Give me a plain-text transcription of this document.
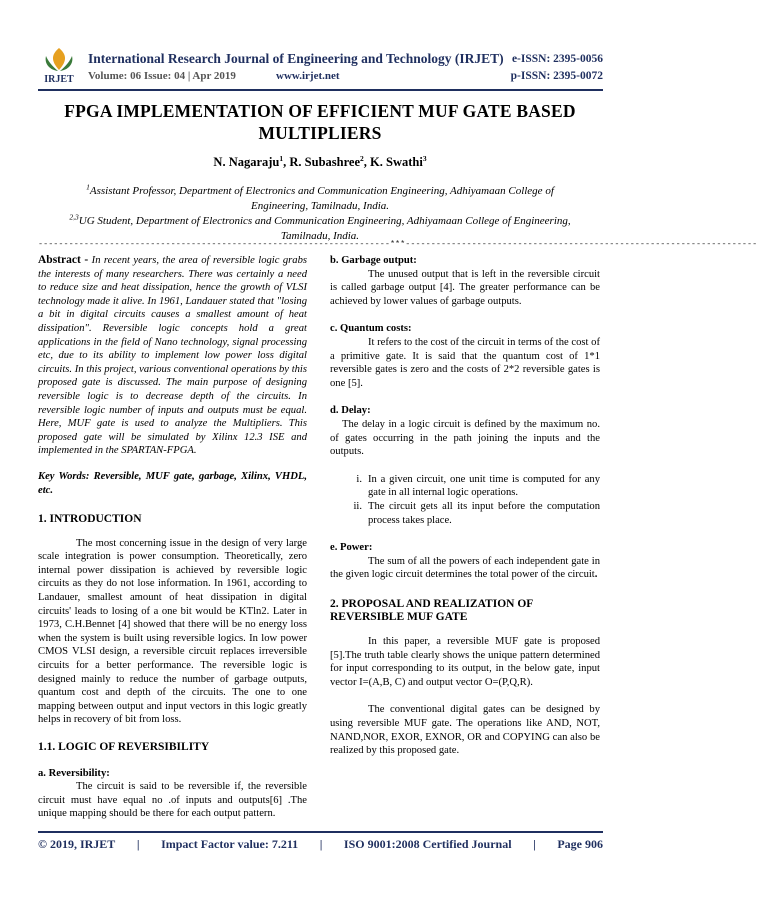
IRJET
International Research Journal of Engineering and Technology (IRJET) e-ISSN: 2395-0056
Volume: 06 Issue: 04 | Apr 2019	www.irjet.net	p-ISSN: 2395-0072
FPGA IMPLEMENTATION OF EFFICIENT MUF GATE BASED
MULTIPLIERS
N. Nagaraju$^1$, R. Subashree$^2$, K. Swathi$^3$
$^1$Assistant Professor, Department of Electronics and Communication Engineering, Adhiyamaan College of
Engineering, Tamilnadu, India.
$^{2,3}$UG Student, Department of Electronics and Communication Engineering, Adhiyamaan College of Engineering,
Tamilnadu, India.
---------------------------------------------------------------------***---------------------------------------------------------------------

Abstract - In recent years, the area of reversible logic grabs the interests of many researchers. There was certainly a need to reduce size and heat dissipation, hence the growth of VLSI technology made it alive. In 1961, Landauer stated that "losing a bit in digital circuits causes a smallest amount of heat dissipation". Reversible logic concepts hold a great applications in the field of Nano technology, signal processing etc, due to its ability to implement low power loss digital circuits. In this project, various conventional operations by this proposed gate is discussed. The main purpose of designing reversible logic is to decrease depth of the circuits. In reversible logic number of inputs and outputs must be equal. Here, MUF gate is used to analyze the Multipliers. This proposed gate will be simulated by Xilinx 12.3 ISE and implemented in the SPARTAN-FPGA.

Key Words: Reversible, MUF gate, garbage, Xilinx, VHDL, etc.

1. INTRODUCTION

The most concerning issue in the design of very large scale integration is power consumption. Theoretically, zero internal power dissipation is achieved by reversible logic circuits as they do not lose information. In 1961, according to Landauer, smallest amount of heat dissipation in digital circuits' leads to losing of a one bit would be KTln2. Later in 1973, C.H.Bennet [4] showed that there will be no energy loss when the system is built using reversible logics. In low power CMOS VLSI design, a reversible circuit replaces irreversible circuits for a better performance. The reversible logic is designed mainly to reduce the number of garbage outputs, quantum cost and depth of the circuits. The one to one mapping between output and input vectors in this logic greatly helps in recovery of bit from loss.

1.1. LOGIC OF REVERSIBILITY

a. Reversibility:

The circuit is said to be reversible if, the reversible circuit must have equal no .of inputs and outputs[6] .The unique mapping should be there for each output pattern.

b. Garbage output:

The unused output that is left in the reversible circuit is called garbage output [4]. The greater performance can be achieved by lower values of garbage outputs.

c. Quantum costs:

It refers to the cost of the circuit in terms of the cost of a primitive gate. It is said that the quantum cost of 1*1 reversible gates is zero and the costs of 2*2 reversible gates is one [5].

d. Delay:

The delay in a logic circuit is defined by the maximum no. of gates occurring in the path joining the inputs and the outputs.

i. In a given circuit, one unit time is computed for any gate in all internal logic operations.
ii. The circuit gets all its input before the computation process takes place.

e. Power:

The sum of all the powers of each independent gate in the given logic circuit determines the total power of the circuit.

2. PROPOSAL AND REALIZATION OF REVERSIBLE MUF GATE

In this paper, a reversible MUF gate is proposed [5].The truth table clearly shows the unique pattern determined for input corresponding to its output, in the below gate, input vector I=(A,B, C) and output vector O=(P,Q,R).

The conventional digital gates can be designed by using reversible MUF gate. The operations like AND, NOT, NAND,NOR, EXOR, EXNOR, OR and COPYING can also be realized by this proposed gate.

© 2019, IRJET | Impact Factor value: 7.211 | ISO 9001:2008 Certified Journal | Page 906
